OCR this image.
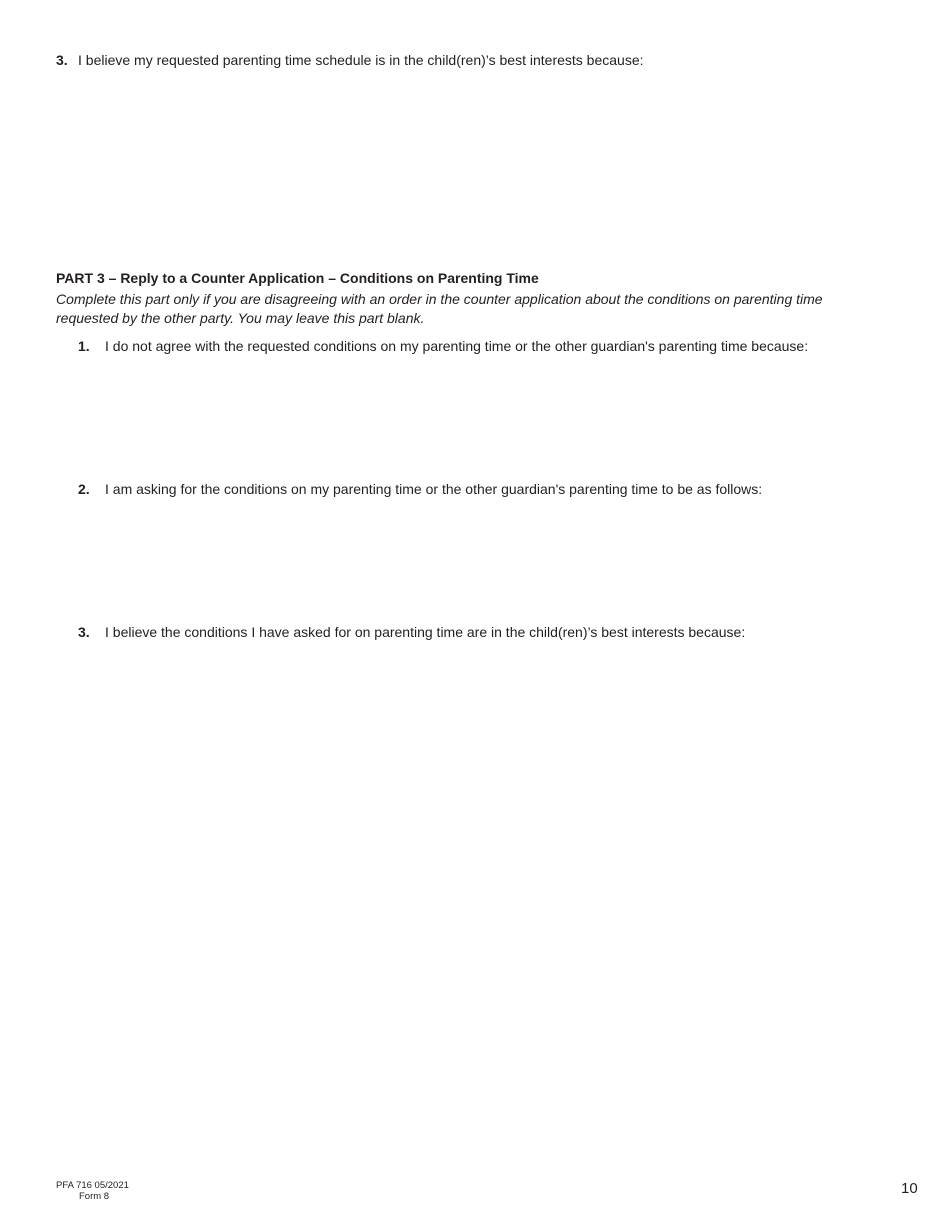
3. I believe my requested parenting time schedule is in the child(ren)’s best interests because:
PART 3 – Reply to a Counter Application – Conditions on Parenting Time
Complete this part only if you are disagreeing with an order in the counter application about the conditions on parenting time requested by the other party. You may leave this part blank.
1. I do not agree with the requested conditions on my parenting time or the other guardian's parenting time because:
2. I am asking for the conditions on my parenting time or the other guardian's parenting time to be as follows:
3. I believe the conditions I have asked for on parenting time are in the child(ren)’s best interests because:
PFA 716 05/2021
Form 8	10
